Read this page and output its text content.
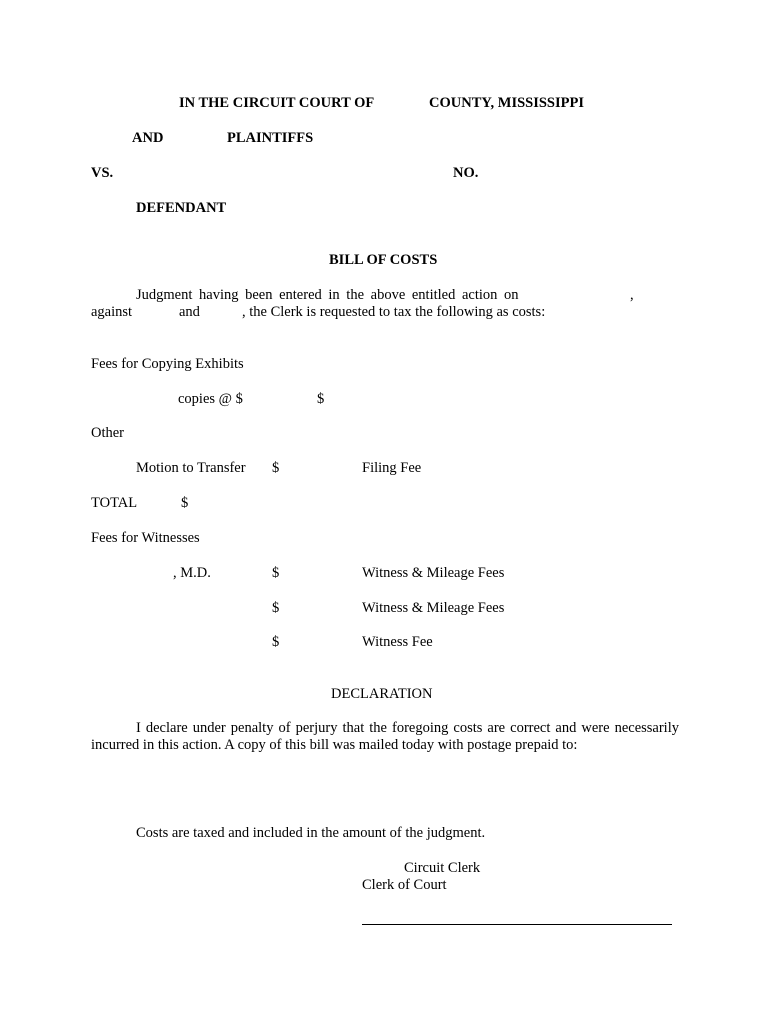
IN THE CIRCUIT COURT OF	COUNTY, MISSISSIPPI
AND	PLAINTIFFS
VS.	NO.
DEFENDANT
BILL OF COSTS
Judgment having been entered in the above entitled action on	,
against	and	, the Clerk is requested to tax the following as costs:
Fees for Copying Exhibits
copies @ $	$
Other
Motion to Transfer $	Filing Fee
TOTAL	$
Fees for Witnesses
, M.D.	$	Witness & Mileage Fees
$	Witness & Mileage Fees
$	Witness Fee
DECLARATION
I declare under penalty of perjury that the foregoing costs are correct and were necessarily incurred in this action. A copy of this bill was mailed today with postage prepaid to:
Costs are taxed and included in the amount of the judgment.
Circuit Clerk
Clerk of Court
